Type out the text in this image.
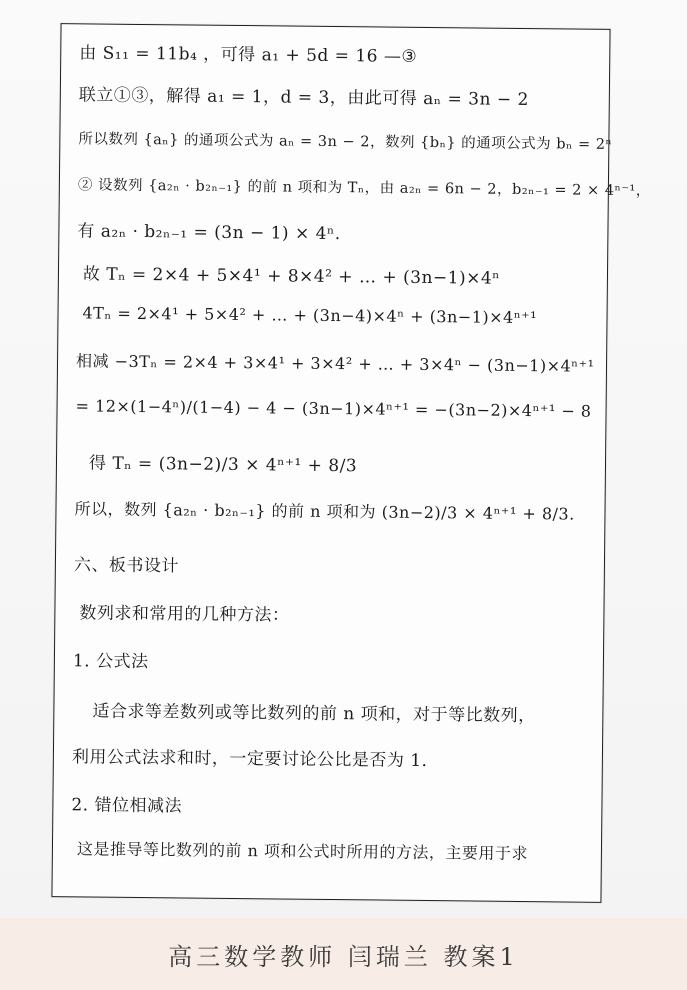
由 S₁₁ = 11b₄ ，可得 a₁ + 5d = 16 —③
联立①③，解得 a₁ = 1，d = 3，由此可得 aₙ = 3n − 2
所以数列 {aₙ} 的通项公式为 aₙ = 3n − 2，数列 {bₙ} 的通项公式为 bₙ = 2ⁿ
② 设数列 {a₂ₙ · b₂ₙ₋₁} 的前 n 项和为 Tₙ，由 a₂ₙ = 6n − 2，b₂ₙ₋₁ = 2 × 4ⁿ⁻¹，
有 a₂ₙ · b₂ₙ₋₁ = (3n − 1) × 4ⁿ.
故 Tₙ = 2×4 + 5×4¹ + 8×4² + … + (3n−1)×4ⁿ
4Tₙ = 2×4¹ + 5×4² + … + (3n−4)×4ⁿ + (3n−1)×4ⁿ⁺¹
相减 −3Tₙ = 2×4 + 3×4¹ + 3×4² + … + 3×4ⁿ − (3n−1)×4ⁿ⁺¹
= 12×(1−4ⁿ)/(1−4) − 4 − (3n−1)×4ⁿ⁺¹ = −(3n−2)×4ⁿ⁺¹ − 8
得 Tₙ = (3n−2)/3 × 4ⁿ⁺¹ + 8/3
所以，数列 {a₂ₙ · b₂ₙ₋₁} 的前 n 项和为 (3n−2)/3 × 4ⁿ⁺¹ + 8/3.
六、板书设计
数列求和常用的几种方法：
1. 公式法
适合求等差数列或等比数列的前 n 项和，对于等比数列，
利用公式法求和时，一定要讨论公比是否为 1.
2. 错位相减法
这是推导等比数列的前 n 项和公式时所用的方法，主要用于求
高三数学教师 闫瑞兰 教案1
